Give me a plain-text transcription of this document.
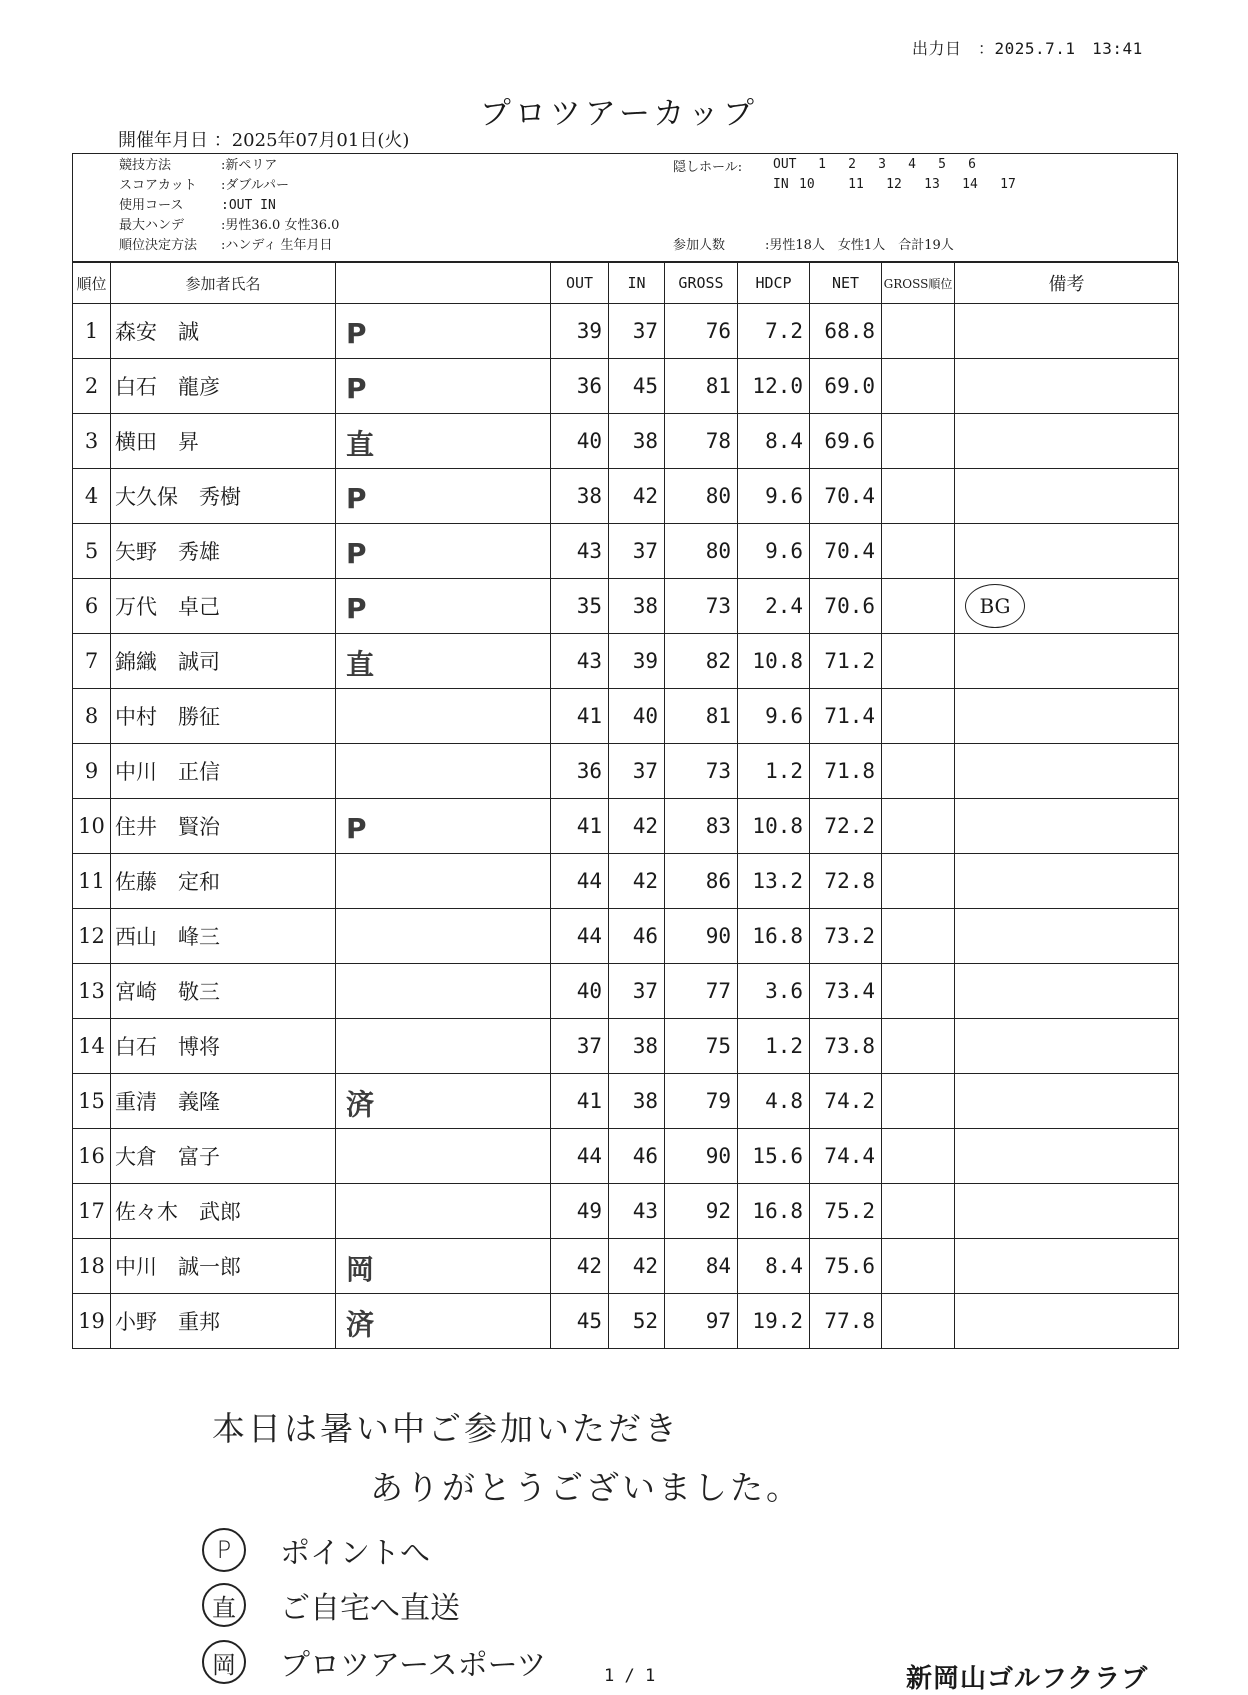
出力日　：2025.7.1　13:41
プロツアーカップ
開催年月日 ：2025年07月01日(火)
競技方法	:新ペリア
スコアカット :ダブルパー
使用コース	:OUT IN
最大ハンデ	:男性36.0 女性36.0
順位決定方法 :ハンディ 生年月日
隠しホール: OUT 1 2 3 4 5 6
IN 10	11 12 13 14 17
参加人数	:男性18人　女性1人　合計19人
順位	参加者氏名		OUT	IN	GROSS	HDCP	NET	GROSS順位	備考
1	森安　誠	P	39	37	76	7.2	68.8		
2	白石　龍彦	P	36	45	81	12.0	69.0		
3	横田　昇	直	40	38	78	8.4	69.6		
4	大久保　秀樹	P	38	42	80	9.6	70.4		
5	矢野　秀雄	P	43	37	80	9.6	70.4		
6	万代　卓己	P	35	38	73	2.4	70.6		BG
7	錦織　誠司	直	43	39	82	10.8	71.2		
8	中村　勝征		41	40	81	9.6	71.4		
9	中川　正信		36	37	73	1.2	71.8		
10	住井　賢治	P	41	42	83	10.8	72.2		
11	佐藤　定和		44	42	86	13.2	72.8		
12	西山　峰三		44	46	90	16.8	73.2		
13	宮崎　敬三		40	37	77	3.6	73.4		
14	白石　博将		37	38	75	1.2	73.8		
15	重清　義隆	済	41	38	79	4.8	74.2		
16	大倉　富子		44	46	90	15.6	74.4		
17	佐々木　武郎		49	43	92	16.8	75.2		
18	中川　誠一郎	岡	42	42	84	8.4	75.6		
19	小野　重邦	済	45	52	97	19.2	77.8		
本日は暑い中ご参加いただき
ありがとうございました。
P	ポイントへ
直	ご自宅へ直送
岡	プロツアースポーツ	1 / 1	新岡山ゴルフクラブ
